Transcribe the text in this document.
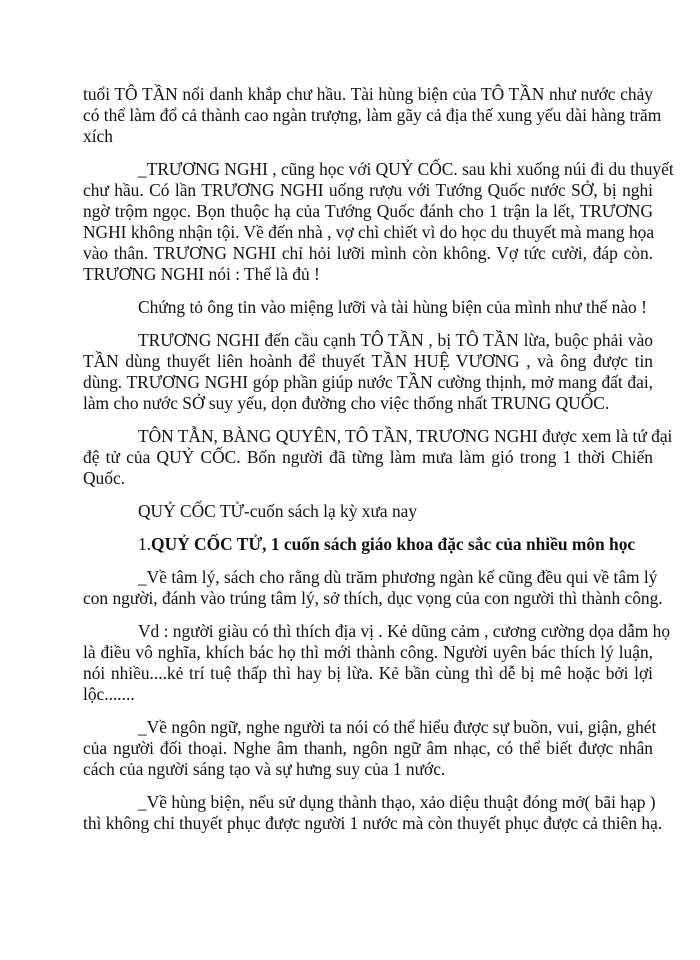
tuổi TÔ TẦN nổi danh khắp chư hầu. Tài hùng biện của TÔ TẦN như nước chảy
có thể làm đổ cả thành cao ngàn trượng, làm gãy cả địa thế xung yếu dài hàng trăm
xích
_TRƯƠNG NGHI , cũng học với QUỶ CỐC. sau khi xuống núi đi du thuyết
chư hầu. Có lần TRƯƠNG NGHI uống rượu với Tướng Quốc nước SỞ, bị nghi
ngờ trộm ngọc. Bọn thuộc hạ của Tướng Quốc đánh cho 1 trận la lết, TRƯƠNG
NGHI không nhận tội. Về đến nhà , vợ chì chiết vì do học du thuyết mà mang họa
vào thân. TRƯƠNG NGHI chỉ hỏi lưỡi mình còn không. Vợ tức cười, đáp còn.
TRƯƠNG NGHI nói : Thế là đủ !
Chứng tỏ ông tin vào miệng lưỡi và tài hùng biện của mình như thế nào !
TRƯƠNG NGHI đến cầu cạnh TÔ TẦN , bị TÔ TẦN lừa, buộc phải vào
TẦN dùng thuyết liên hoành để thuyết TẦN HUỆ VƯƠNG , và ông được tin
dùng. TRƯƠNG NGHI góp phần giúp nước TẦN cường thịnh, mở mang đất đai,
làm cho nước SỞ suy yếu, dọn đường cho việc thống nhất TRUNG QUỐC.
TÔN TẪN, BÀNG QUYÊN, TÔ TẦN, TRƯƠNG NGHI được xem là tứ đại
đệ tử của QUỶ CỐC. Bốn người đã từng làm mưa làm gió trong 1 thời Chiến
Quốc.
QUỶ CỐC TỬ-cuốn sách lạ kỳ xưa nay
1.QUỶ CỐC TỬ, 1 cuốn sách giáo khoa đặc sắc của nhiều môn học
_Về tâm lý, sách cho rằng dù trăm phương ngàn kế cũng đều qui về tâm lý
con người, đánh vào trúng tâm lý, sở thích, dục vọng của con người thì thành công.
Vd : người giàu có thì thích địa vị . Kẻ dũng cảm , cương cường dọa dẫm họ
là điều vô nghĩa, khích bác họ thì mới thành công. Người uyên bác thích lý luận,
nói nhiều....kẻ trí tuệ thấp thì hay bị lừa. Kẻ bần cùng thì dễ bị mê hoặc bởi lợi
lộc.......
_Về ngôn ngữ, nghe người ta nói có thể hiểu được sự buồn, vui, giận, ghét
của người đối thoại. Nghe âm thanh, ngôn ngữ âm nhạc, có thể biết được nhân
cách của người sáng tạo và sự hưng suy của 1 nước.
_Về hùng biện, nếu sử dụng thành thạo, xảo diệu thuật đóng mở( bãi hạp )
thì không chỉ thuyết phục được người 1 nước mà còn thuyết phục được cả thiên hạ.
